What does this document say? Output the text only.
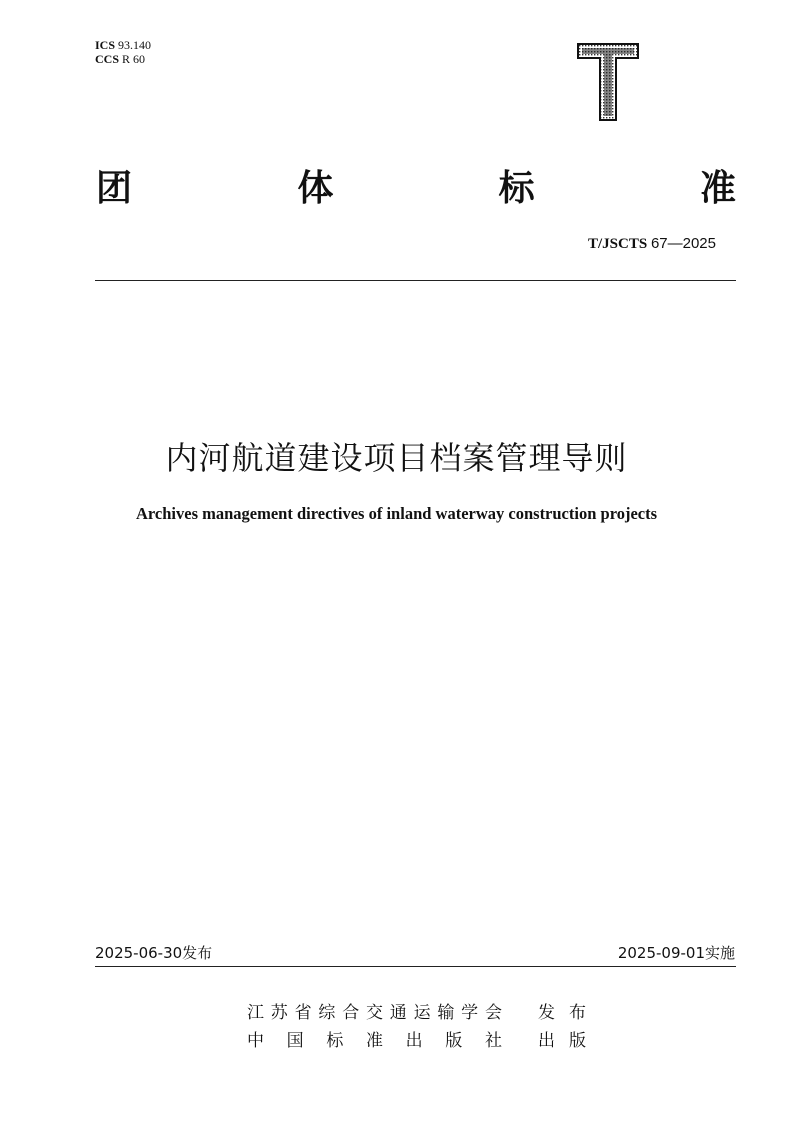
ICS 93.140
CCS R 60
团	体	标	准
T/JSCTS 67—2025
内河航道建设项目档案管理导则
Archives management directives of inland waterway construction projects
2025-06-30发布	2025-09-01实施
江 苏 省 综 合 交 通 运 输 学 会 发 布
中 国 标 准 出 版 社 出 版
